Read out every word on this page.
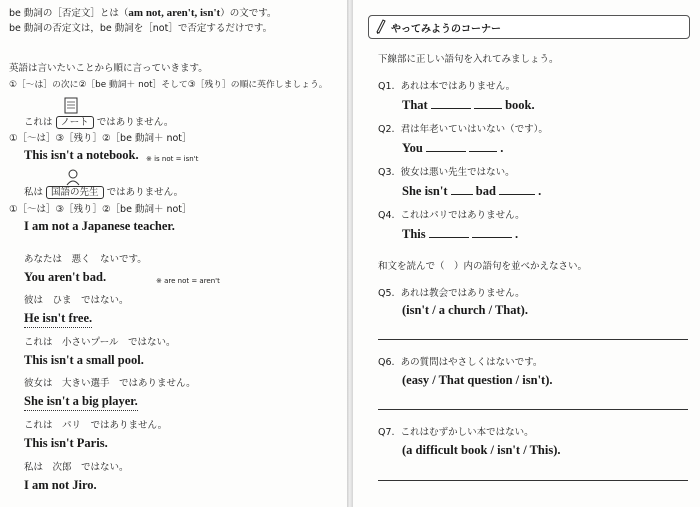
be 動詞の［否定文］とは（am not, aren't, isn't）の文です。
be 動詞の否定文は，be 動詞を［not］で否定するだけです。
英語は言いたいことから順に言っていきます。
①［～は］の次に②［be 動詞＋ not］そして③［残り］の順に英作しましょう。
これは ノート ではありません。
①［～は］③［残り］②［be 動詞＋ not］
This isn't a notebook. ※ is not = isn't
私は 国語の先生 ではありません。
①［～は］③［残り］②［be 動詞＋ not］
I am not a Japanese teacher.
あなたは　悪く　ないです。
You aren't bad.	※ are not = aren't
彼は　ひま　ではない。
He isn't free.
これは　小さいプール　ではない。
This isn't a small pool.
彼女は　大きい選手　ではありません。
She isn't a big player.
これは　パリ　ではありません。
This isn't Paris.
私は　次郎　ではない。
I am not Jiro.
やってみようのコーナー
下線部に正しい語句を入れてみましょう。
Q1. あれは本ではありません。
That	book.
Q2. 君は年老いていはいない（です）。
You	.
Q3. 彼女は悪い先生ではない。
She isn't bad	.
Q4. これはパリではありません。
This	.
和文を読んで（　）内の語句を並べかえなさい。
Q5. あれは教会ではありません。
(isn't / a church / That).
Q6. あの質問はやさしくはないです。
(easy / That question / isn't).
Q7. これはむずかしい本ではない。
(a difficult book / isn't / This).
